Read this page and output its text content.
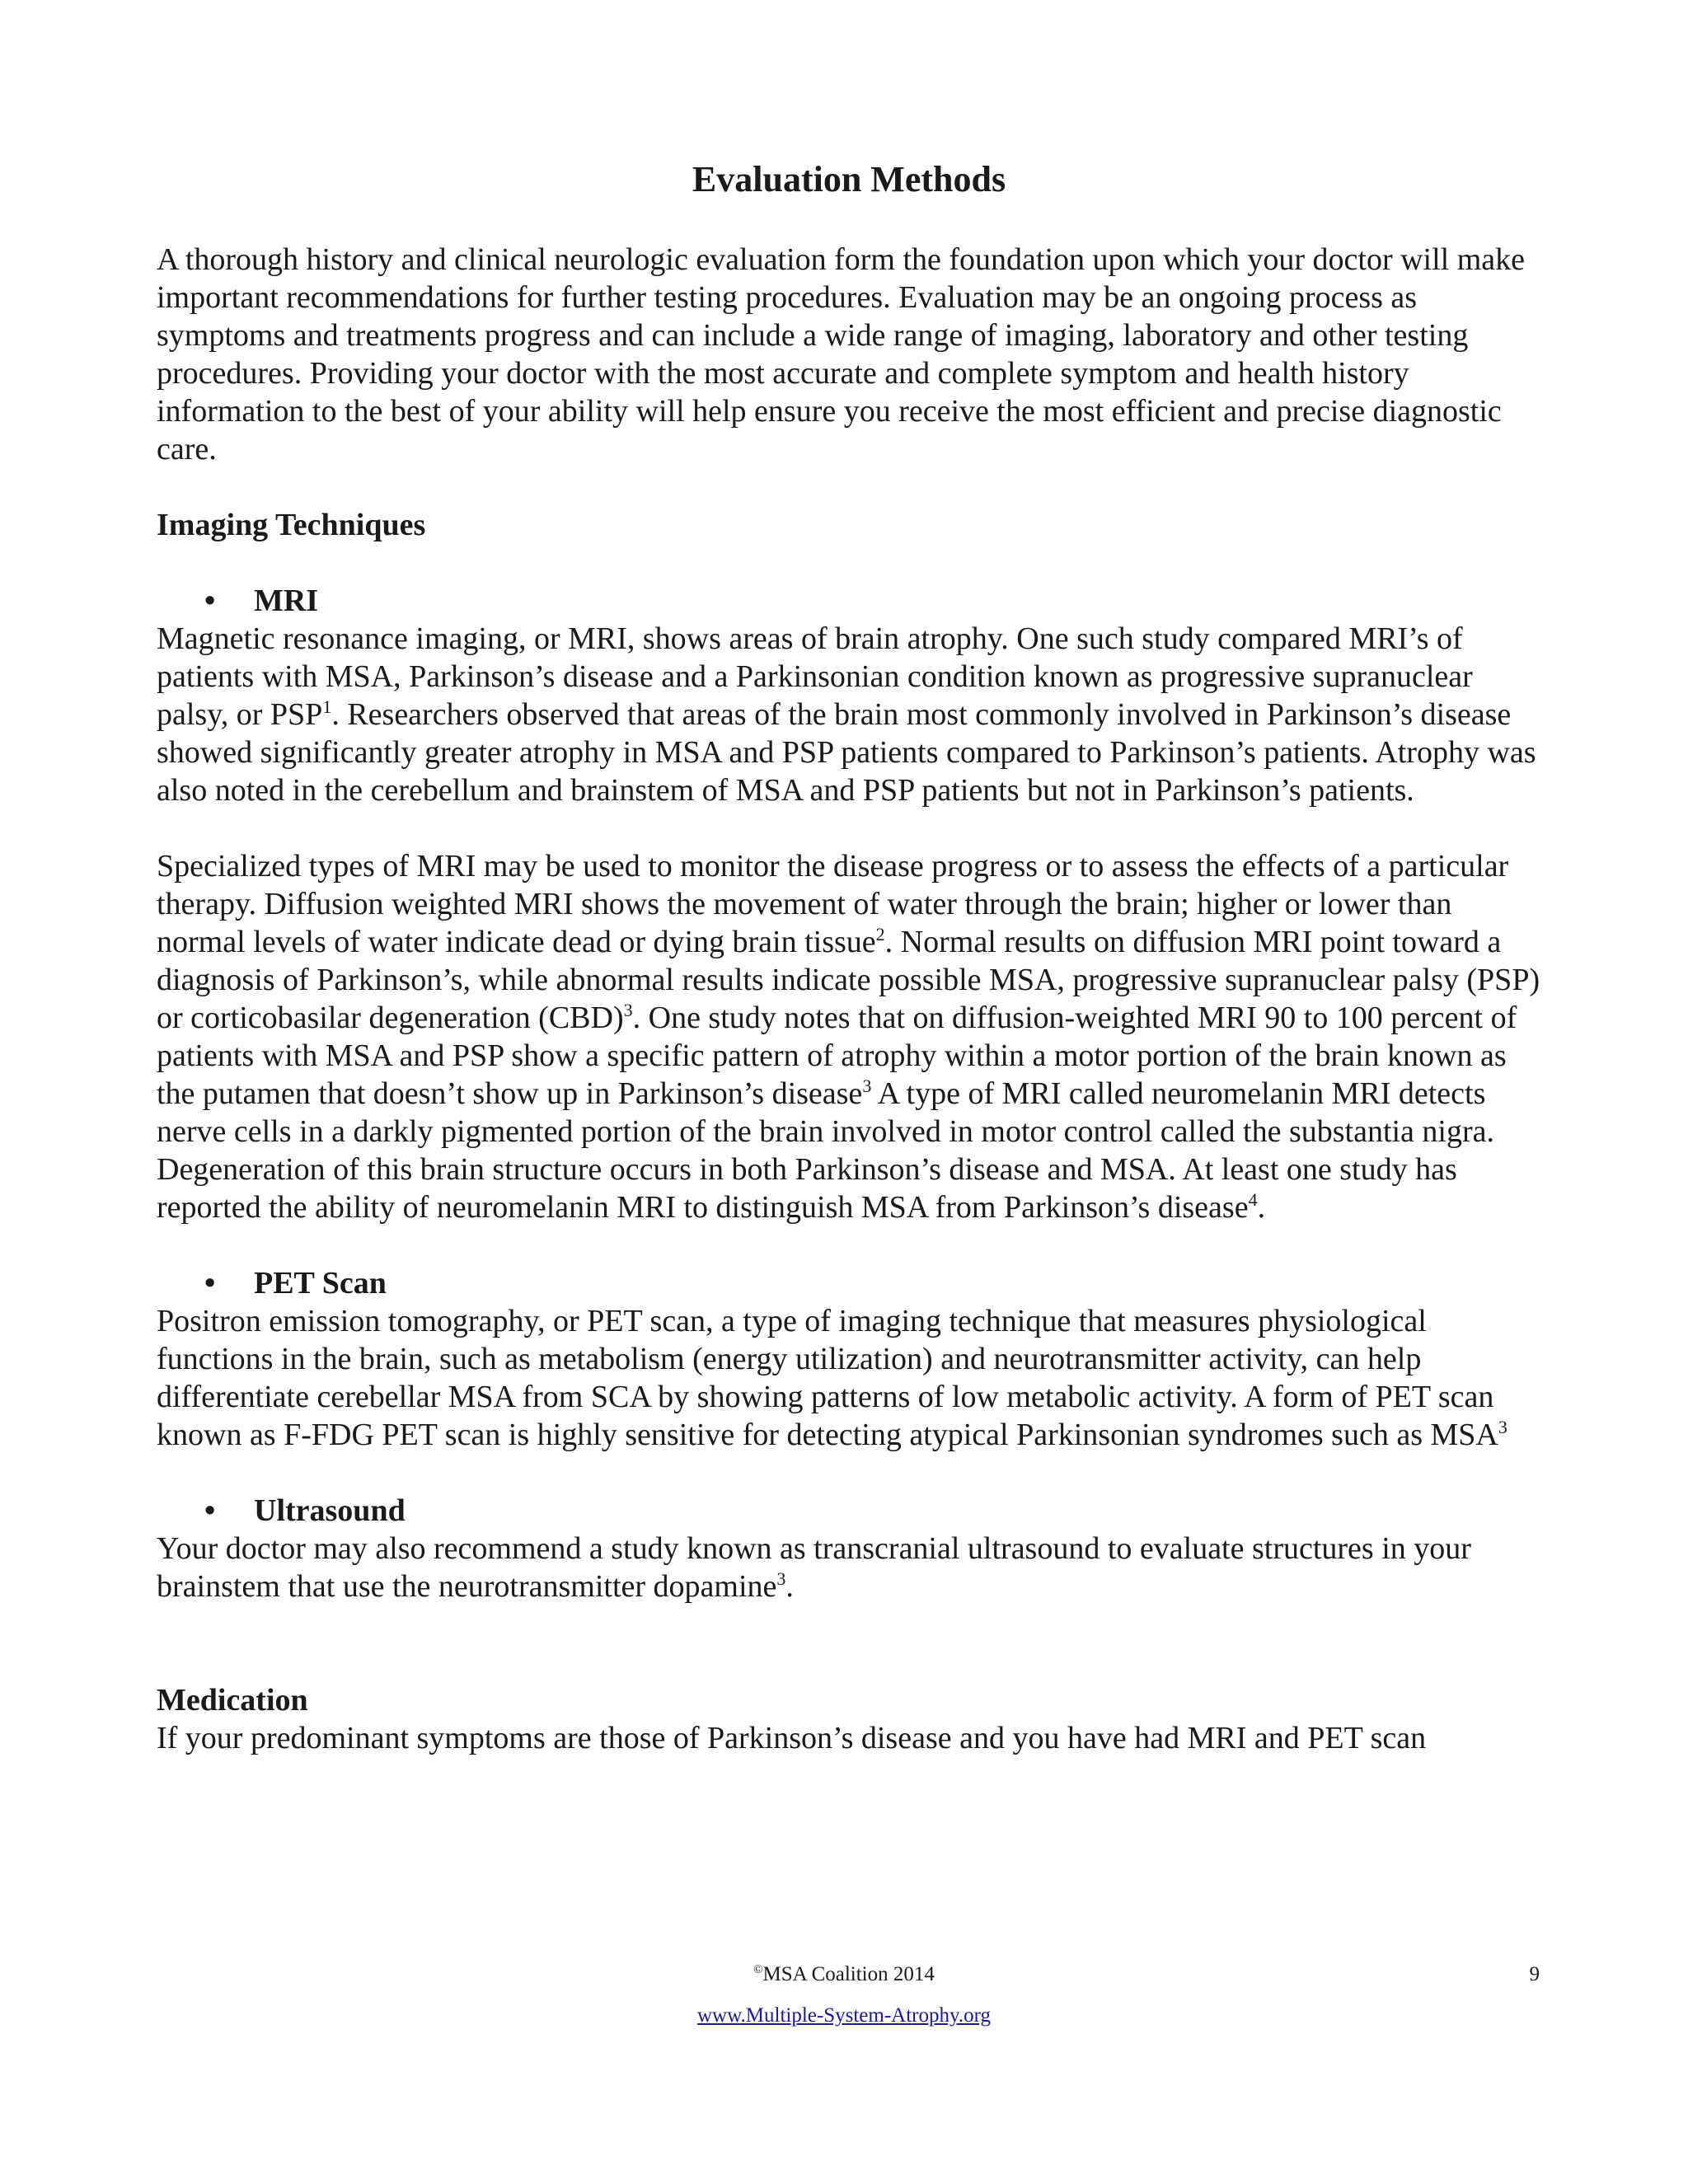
Evaluation Methods

A thorough history and clinical neurologic evaluation form the foundation upon which your doctor will make important recommendations for further testing procedures. Evaluation may be an ongoing process as symptoms and treatments progress and can include a wide range of imaging, laboratory and other testing procedures. Providing your doctor with the most accurate and complete symptom and health history information to the best of your ability will help ensure you receive the most efficient and precise diagnostic care.

Imaging Techniques
•	MRI

Magnetic resonance imaging, or MRI, shows areas of brain atrophy. One such study compared MRI’s of patients with MSA, Parkinson’s disease and a Parkinsonian condition known as progressive supranuclear palsy, or PSP$^1$. Researchers observed that areas of the brain most commonly involved in Parkinson’s disease showed significantly greater atrophy in MSA and PSP patients compared to Parkinson’s patients. Atrophy was also noted in the cerebellum and brainstem of MSA and PSP patients but not in Parkinson’s patients.

Specialized types of MRI may be used to monitor the disease progress or to assess the effects of a particular therapy. Diffusion weighted MRI shows the movement of water through the brain; higher or lower than normal levels of water indicate dead or dying brain tissue$^2$. Normal results on diffusion MRI point toward a diagnosis of Parkinson’s, while abnormal results indicate possible MSA, progressive supranuclear palsy (PSP) or corticobasilar degeneration (CBD)$^3$. One study notes that on diffusion-weighted MRI 90 to 100 percent of patients with MSA and PSP show a specific pattern of atrophy within a motor portion of the brain known as the putamen that doesn’t show up in Parkinson’s disease$^3$ A type of MRI called neuromelanin MRI detects nerve cells in a darkly pigmented portion of the brain involved in motor control called the substantia nigra. Degeneration of this brain structure occurs in both Parkinson’s disease and MSA. At least one study has reported the ability of neuromelanin MRI to distinguish MSA from Parkinson’s disease$^4$.

•	PET Scan

Positron emission tomography, or PET scan, a type of imaging technique that measures physiological functions in the brain, such as metabolism (energy utilization) and neurotransmitter activity, can help differentiate cerebellar MSA from SCA by showing patterns of low metabolic activity. A form of PET scan known as F-FDG PET scan is highly sensitive for detecting atypical Parkinsonian syndromes such as MSA$^3$

•	Ultrasound

Your doctor may also recommend a study known as transcranial ultrasound to evaluate structures in your brainstem that use the neurotransmitter dopamine$^3$.

Medication

If your predominant symptoms are those of Parkinson’s disease and you have had MRI and PET scan

©MSA Coalition 2014	9
www.Multiple-System-Atrophy.org
